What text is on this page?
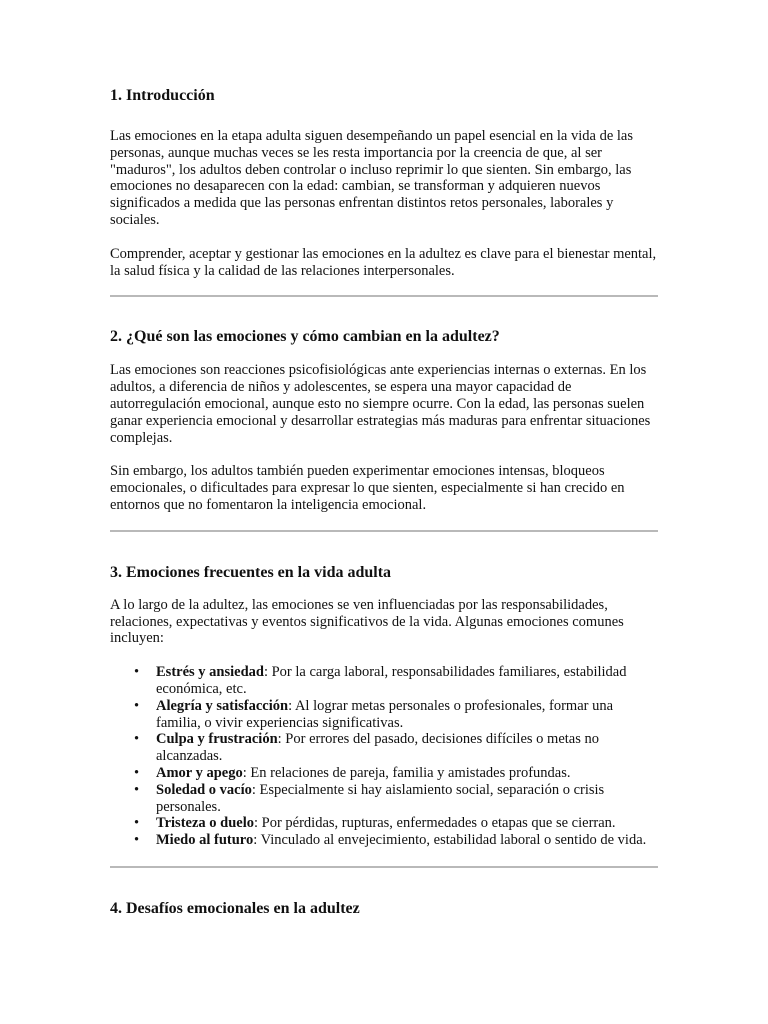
1. Introducción

Las emociones en la etapa adulta siguen desempeñando un papel esencial en la vida de las personas, aunque muchas veces se les resta importancia por la creencia de que, al ser "maduros", los adultos deben controlar o incluso reprimir lo que sienten. Sin embargo, las emociones no desaparecen con la edad: cambian, se transforman y adquieren nuevos significados a medida que las personas enfrentan distintos retos personales, laborales y sociales.

Comprender, aceptar y gestionar las emociones en la adultez es clave para el bienestar mental, la salud física y la calidad de las relaciones interpersonales.

2. ¿Qué son las emociones y cómo cambian en la adultez?

Las emociones son reacciones psicofisiológicas ante experiencias internas o externas. En los adultos, a diferencia de niños y adolescentes, se espera una mayor capacidad de autorregulación emocional, aunque esto no siempre ocurre. Con la edad, las personas suelen ganar experiencia emocional y desarrollar estrategias más maduras para enfrentar situaciones complejas.

Sin embargo, los adultos también pueden experimentar emociones intensas, bloqueos emocionales, o dificultades para expresar lo que sienten, especialmente si han crecido en entornos que no fomentaron la inteligencia emocional.

3. Emociones frecuentes en la vida adulta

A lo largo de la adultez, las emociones se ven influenciadas por las responsabilidades, relaciones, expectativas y eventos significativos de la vida. Algunas emociones comunes incluyen:

• Estrés y ansiedad: Por la carga laboral, responsabilidades familiares, estabilidad económica, etc.
• Alegría y satisfacción: Al lograr metas personales o profesionales, formar una familia, o vivir experiencias significativas.
• Culpa y frustración: Por errores del pasado, decisiones difíciles o metas no alcanzadas.
• Amor y apego: En relaciones de pareja, familia y amistades profundas.
• Soledad o vacío: Especialmente si hay aislamiento social, separación o crisis personales.
• Tristeza o duelo: Por pérdidas, rupturas, enfermedades o etapas que se cierran.
• Miedo al futuro: Vinculado al envejecimiento, estabilidad laboral o sentido de vida.
4. Desafíos emocionales en la adultez
